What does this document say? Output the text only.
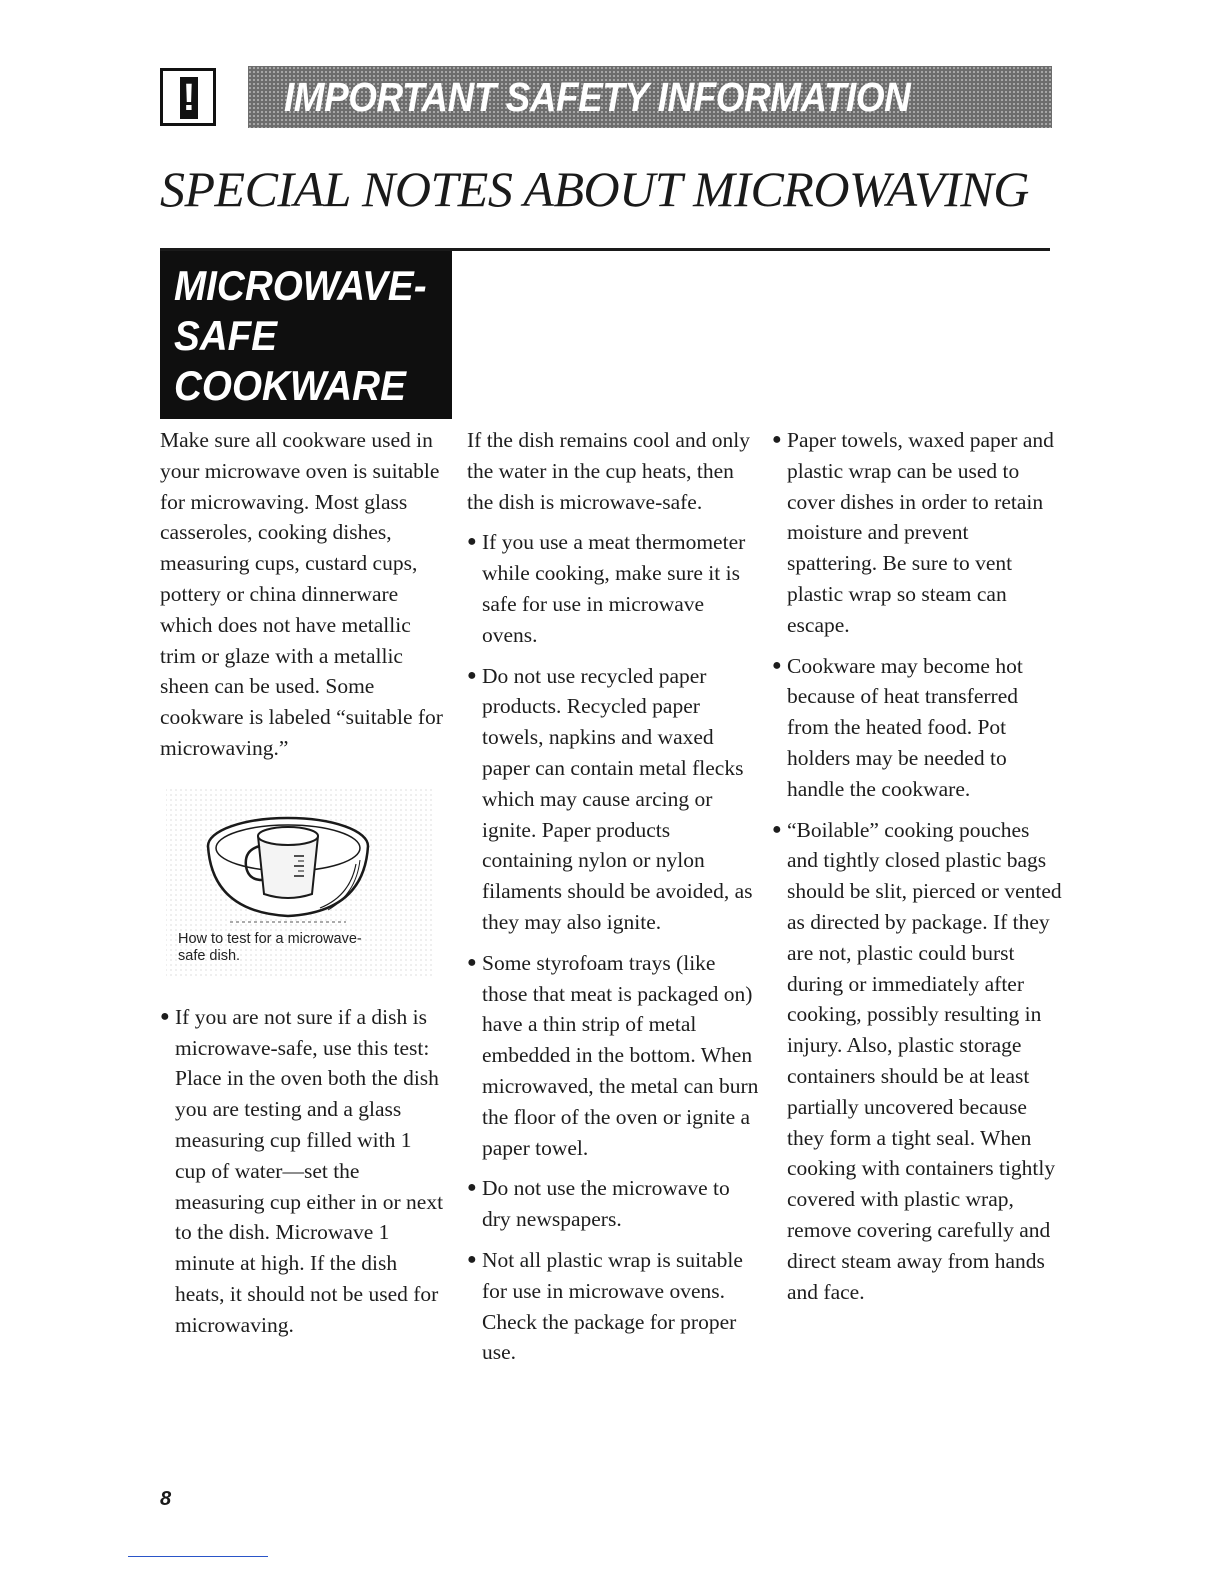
! IMPORTANT SAFETY INFORMATION
SPECIAL NOTES ABOUT MICROWAVING
MICROWAVE-
SAFE
COOKWARE

Make sure all cookware used in your microwave oven is suitable for microwaving. Most glass casseroles, cooking dishes, measuring cups, custard cups, pottery or china dinnerware which does not have metallic trim or glaze with a metallic sheen can be used. Some cookware is labeled “suitable for microwaving.”

How to test for a microwave-safe dish.

● If you are not sure if a dish is microwave-safe, use this test: Place in the oven both the dish you are testing and a glass measuring cup filled with 1 cup of water—set the measuring cup either in or next to the dish. Microwave 1 minute at high. If the dish heats, it should not be used for microwaving.

If the dish remains cool and only the water in the cup heats, then the dish is microwave-safe.

● If you use a meat thermometer while cooking, make sure it is safe for use in microwave ovens.

● Do not use recycled paper products. Recycled paper towels, napkins and waxed paper can contain metal flecks which may cause arcing or ignite. Paper products containing nylon or nylon filaments should be avoided, as they may also ignite.

● Some styrofoam trays (like those that meat is packaged on) have a thin strip of metal embedded in the bottom. When microwaved, the metal can burn the floor of the oven or ignite a paper towel.

● Do not use the microwave to dry newspapers.

● Not all plastic wrap is suitable for use in microwave ovens. Check the package for proper use.

● Paper towels, waxed paper and plastic wrap can be used to cover dishes in order to retain moisture and prevent spattering. Be sure to vent plastic wrap so steam can escape.

● Cookware may become hot because of heat transferred from the heated food. Pot holders may be needed to handle the cookware.

● “Boilable” cooking pouches and tightly closed plastic bags should be slit, pierced or vented as directed by package. If they are not, plastic could burst during or immediately after cooking, possibly resulting in injury. Also, plastic storage containers should be at least partially uncovered because they form a tight seal. When cooking with containers tightly covered with plastic wrap, remove covering carefully and direct steam away from hands and face.

8
